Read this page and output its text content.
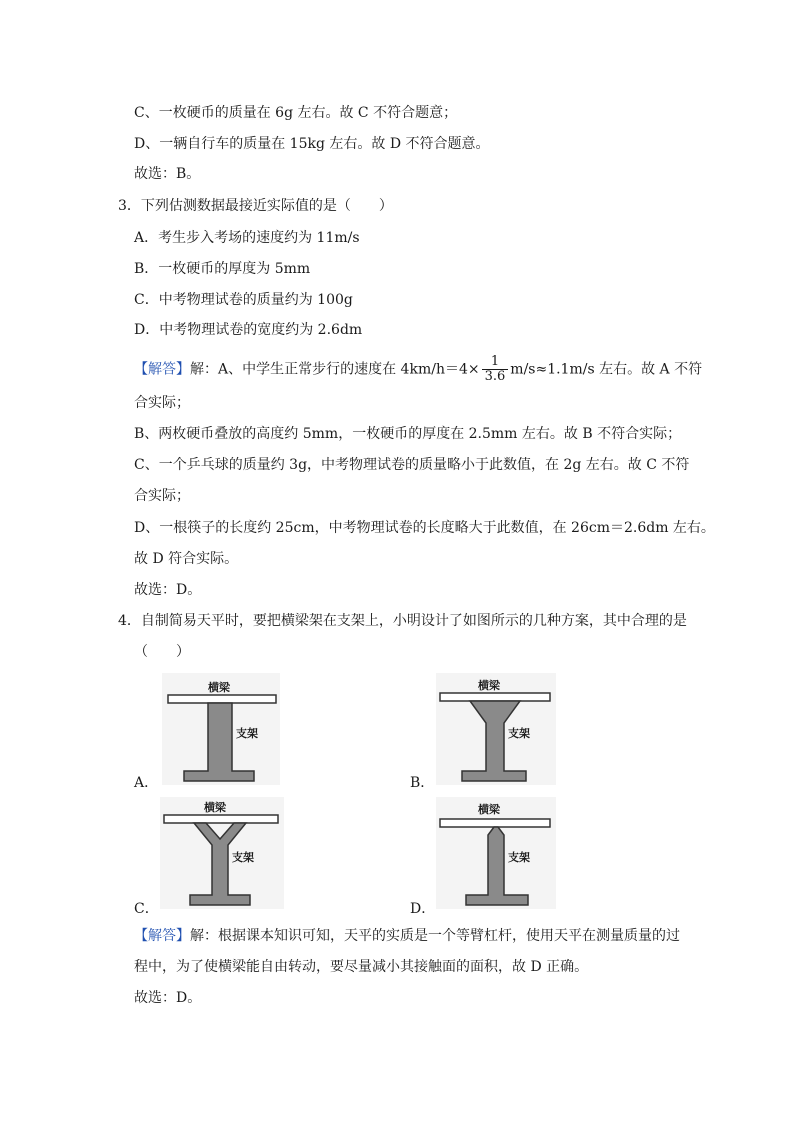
C、一枚硬币的质量在 6g 左右。故 C 不符合题意；
D、一辆自行车的质量在 15kg 左右。故 D 不符合题意。
故选：B。
3．下列估测数据最接近实际值的是（　　）
A．考生步入考场的速度约为 11m/s
B．一枚硬币的厚度为 5mm
C．中考物理试卷的质量约为 100g
D．中考物理试卷的宽度约为 2.6dm
【解答】解：A、中学生正常步行的速度在 $4km/h=4\times \frac{1}{3.6} m/s\approx 1.1m/s$ 左右。故 A 不符
合实际；
B、两枚硬币叠放的高度约 5mm，一枚硬币的厚度在 2.5mm 左右。故 B 不符合实际；
C、一个乒乓球的质量约 3g，中考物理试卷的质量略小于此数值，在 2g 左右。故 C 不符
合实际；
D、一根筷子的长度约 25cm，中考物理试卷的长度略大于此数值，在 26cm＝2.6dm 左右。
故 D 符合实际。
故选：D。
4．自制简易天平时，要把横梁架在支架上，小明设计了如图所示的几种方案，其中合理的是
（　　）
横梁
支架
A．
横梁
支架
B．
横梁
支架
C．
横梁
支架
D．
【解答】解：根据课本知识可知，天平的实质是一个等臂杠杆，使用天平在测量质量的过
程中，为了使横梁能自由转动，要尽量减小其接触面的面积，故 D 正确。
故选：D。
